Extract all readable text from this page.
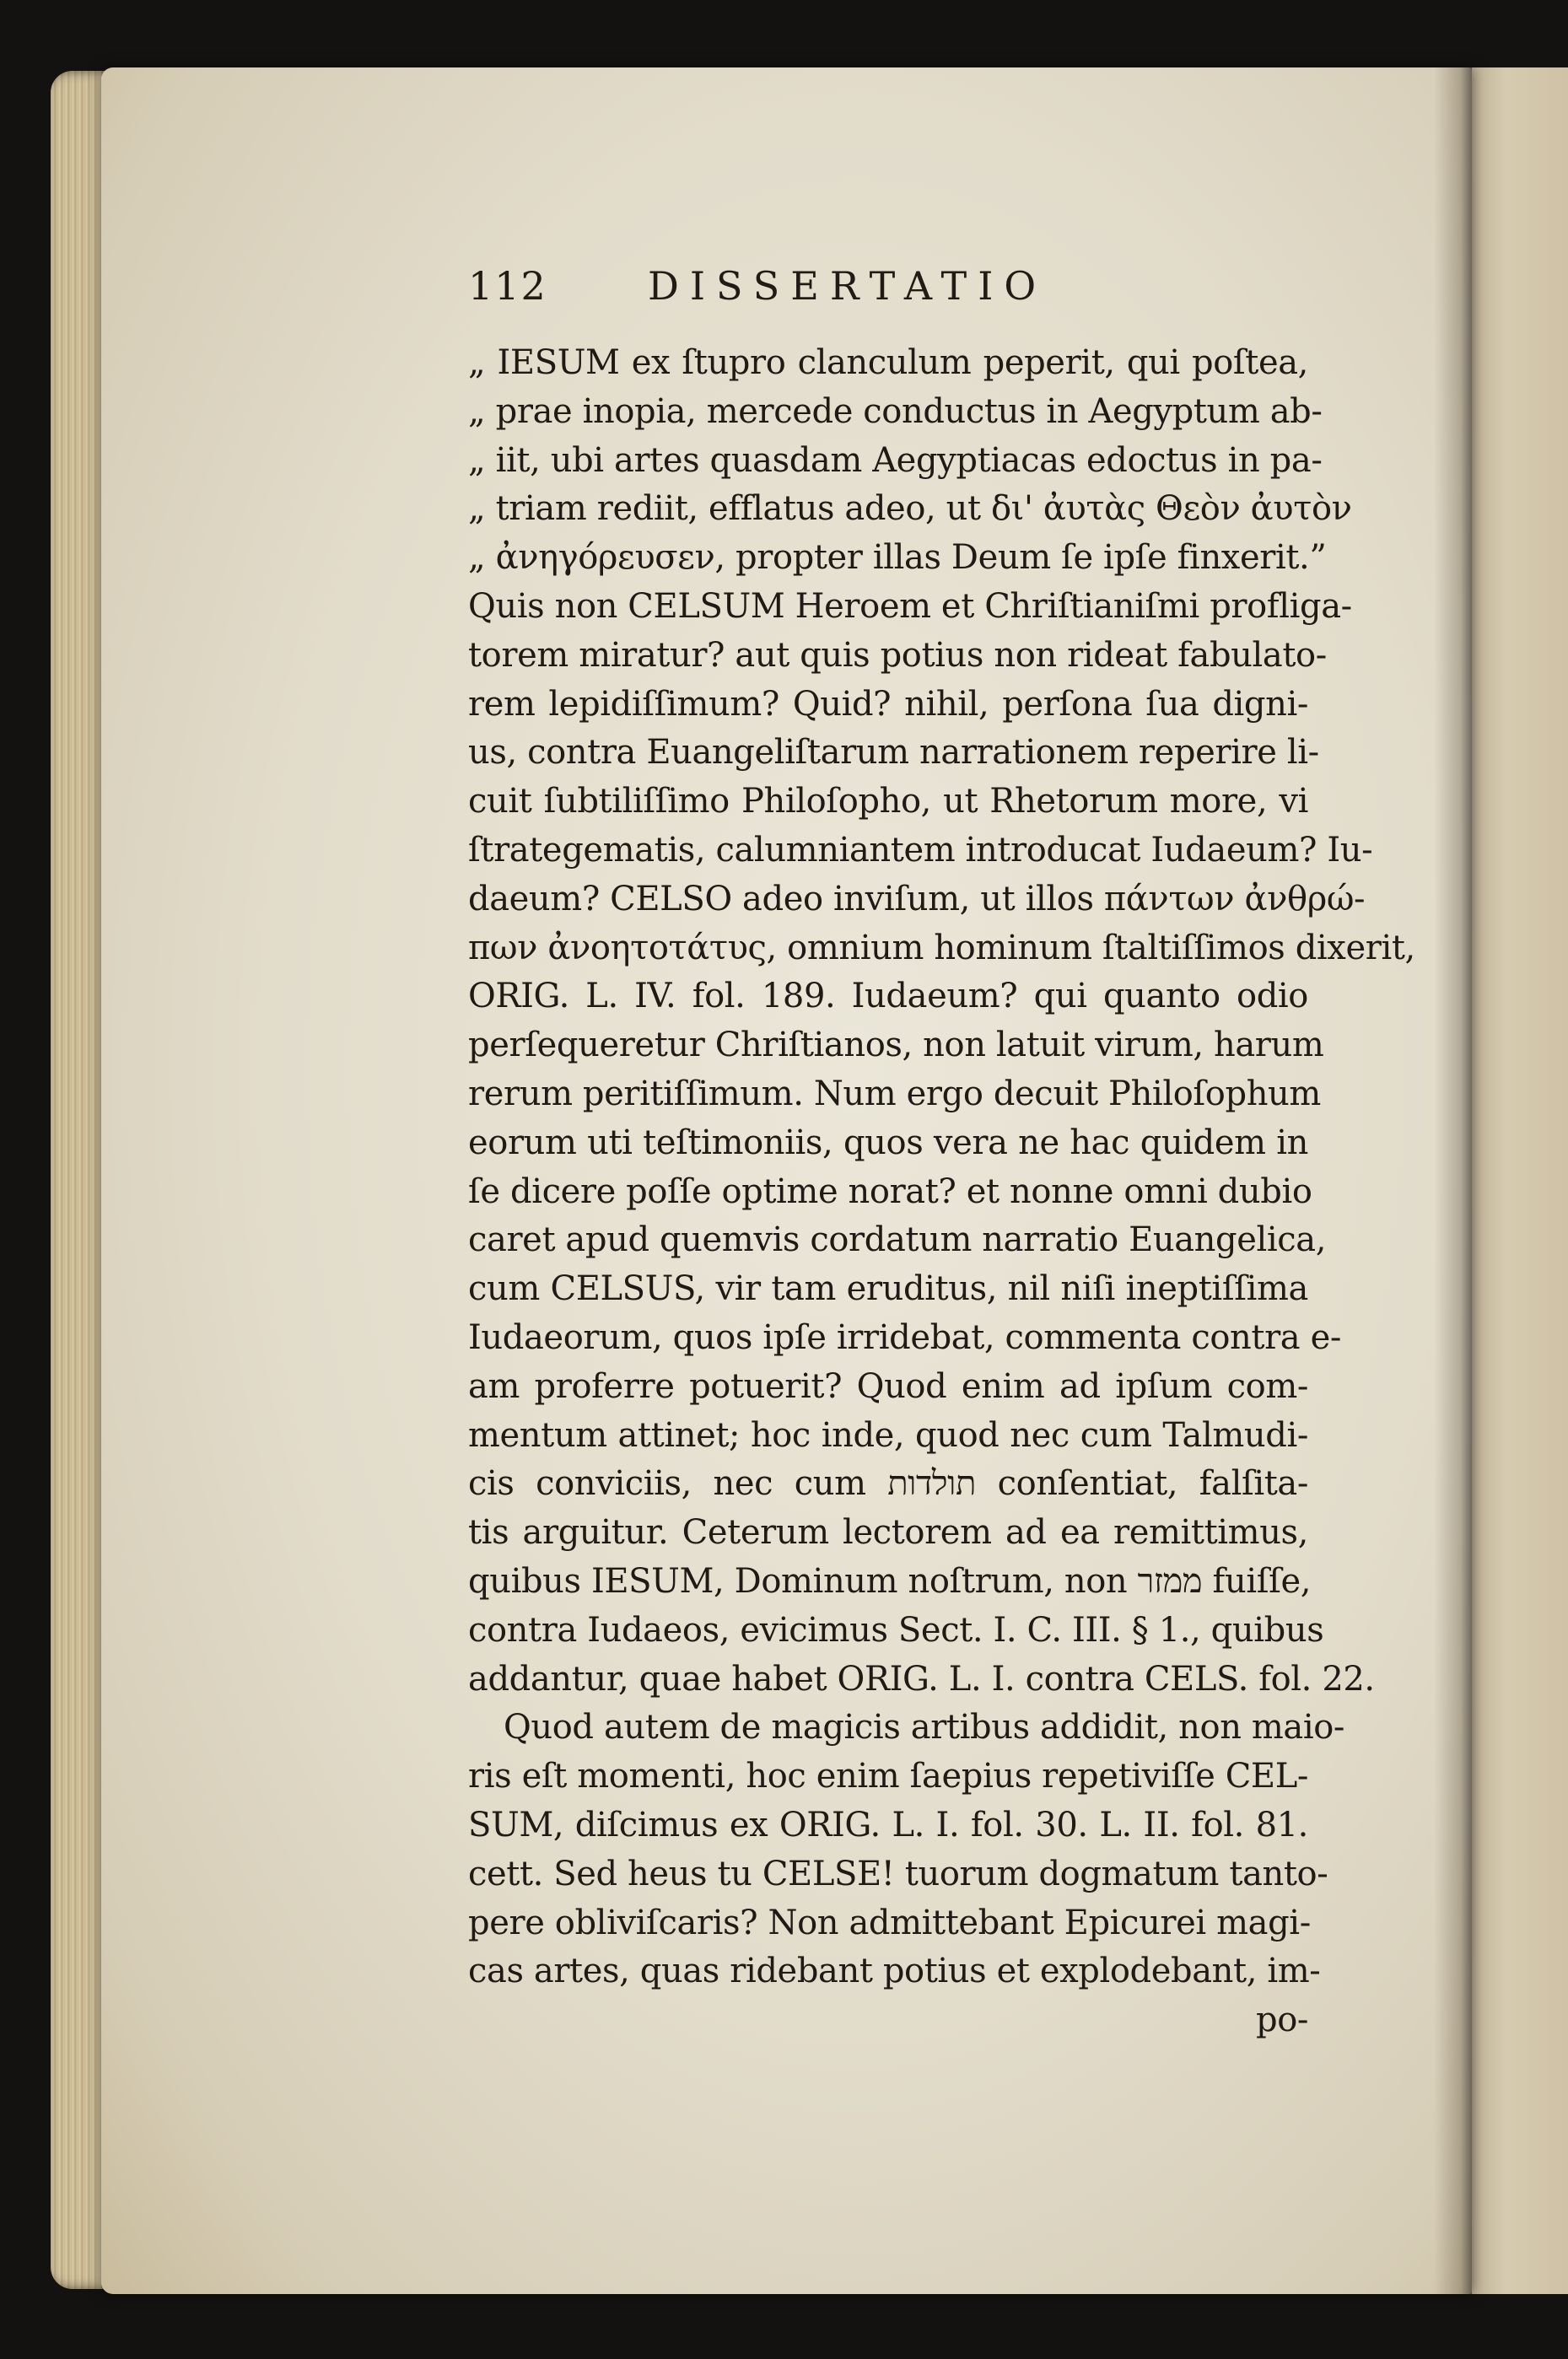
112	DISSERTATIO
„ IESUM ex ſtupro clanculum peperit, qui poſtea,
„ prae inopia, mercede conductus in Aegyptum ab-
„ iit, ubi artes quasdam Aegyptiacas edoctus in pa-
„ triam rediit, efflatus adeo, ut δι' ἀυτὰς Θεὸν ἀυτὸν
„ ἀνηγόρευσεν, propter illas Deum ſe ipſe finxerit.”
Quis non CELSUM Heroem et Chriſtianiſmi profliga-
torem miratur? aut quis potius non rideat fabulato-
rem lepidiſſimum? Quid? nihil, perſona ſua digni-
us, contra Euangeliſtarum narrationem reperire li-
cuit ſubtiliſſimo Philoſopho, ut Rhetorum more, vi
ſtrategematis, calumniantem introducat Iudaeum? Iu-
daeum? CELSO adeo inviſum, ut illos πάντων ἀνθρώ-
πων ἀνοητοτάτυς, omnium hominum ſtaltiſſimos dixerit,
ORIG. L. IV. fol. 189. Iudaeum? qui quanto odio
perſequeretur Chriſtianos, non latuit virum, harum
rerum peritiſſimum. Num ergo decuit Philoſophum
eorum uti teſtimoniis, quos vera ne hac quidem in
ſe dicere poſſe optime norat? et nonne omni dubio
caret apud quemvis cordatum narratio Euangelica,
cum CELSUS, vir tam eruditus, nil niſi ineptiſſima
Iudaeorum, quos ipſe irridebat, commenta contra e-
am proferre potuerit? Quod enim ad ipſum com-
mentum attinet; hoc inde, quod nec cum Talmudi-
cis conviciis, nec cum תולדות conſentiat, falſita-
tis arguitur. Ceterum lectorem ad ea remittimus,
quibus IESUM, Dominum noſtrum, non ממזר fuiſſe,
contra Iudaeos, evicimus Sect. I. C. III. § 1., quibus
addantur, quae habet ORIG. L. I. contra CELS. fol. 22.
Quod autem de magicis artibus addidit, non maio-
ris eſt momenti, hoc enim ſaepius repetiviſſe CEL-
SUM, diſcimus ex ORIG. L. I. fol. 30. L. II. fol. 81.
cett. Sed heus tu CELSE! tuorum dogmatum tanto-
pere obliviſcaris? Non admittebant Epicurei magi-
cas artes, quas ridebant potius et explodebant, im-
po-
